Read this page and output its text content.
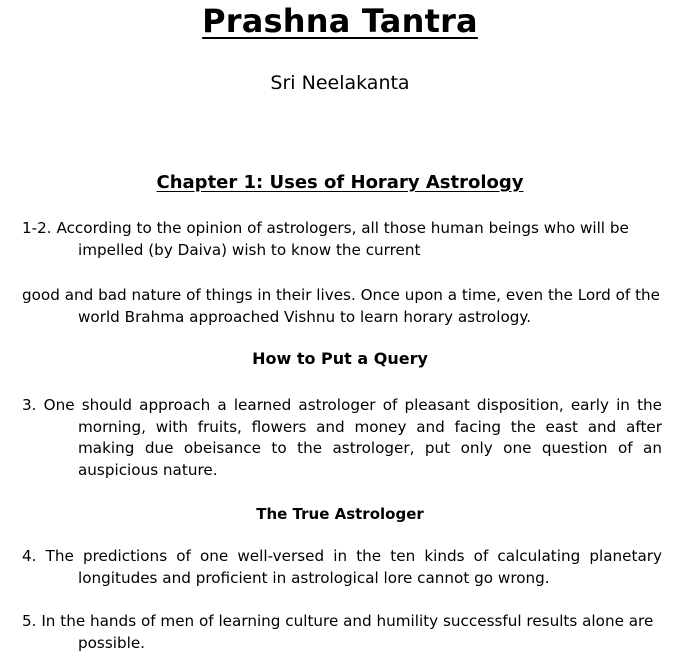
Prashna Tantra
Sri Neelakanta
Chapter 1: Uses of Horary Astrology
1-2. According to the opinion of astrologers, all those human beings who will be impelled (by Daiva) wish to know the current
good and bad nature of things in their lives. Once upon a time, even the Lord of the world Brahma approached Vishnu to learn horary astrology.
How to Put a Query
3. One should approach a learned astrologer of pleasant disposition, early in the morning, with fruits, flowers and money and facing the east and after making due obeisance to the astrologer, put only one question of an auspicious nature.
The True Astrologer
4. The predictions of one well-versed in the ten kinds of calculating planetary longitudes and proficient in astrological lore cannot go wrong.
5. In the hands of men of learning culture and humility successful results alone are possible.
